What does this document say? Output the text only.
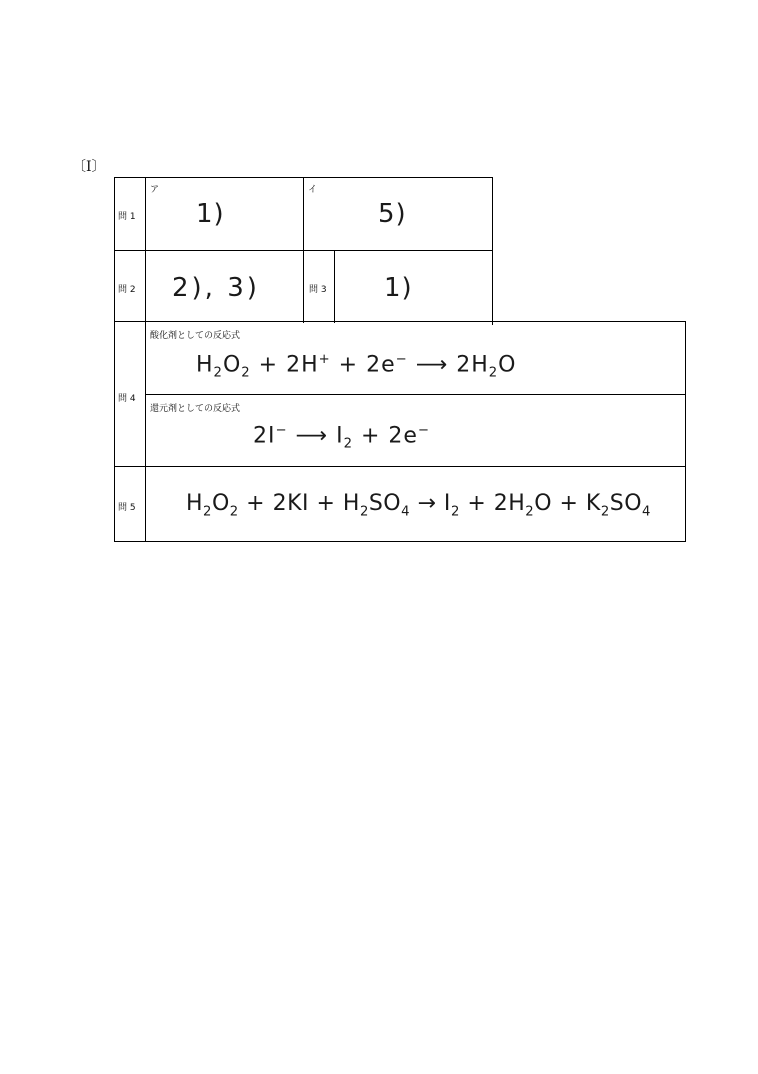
〔Ⅰ〕
問 1
ア
1)
イ
5)
問 2 2), 3)	問 3 1)
問 4
酸化剤としての反応式
$H_2O_2 + 2H^+ + 2e^-$ ⟶ $2H_2O$
還元剤としての反応式
2I− ⟶ $I_2 + 2e^-$
問 5 $H_2O_2 + 2KI + H_2SO_4 \to I_2 + 2H_2O + K_2SO_4$
